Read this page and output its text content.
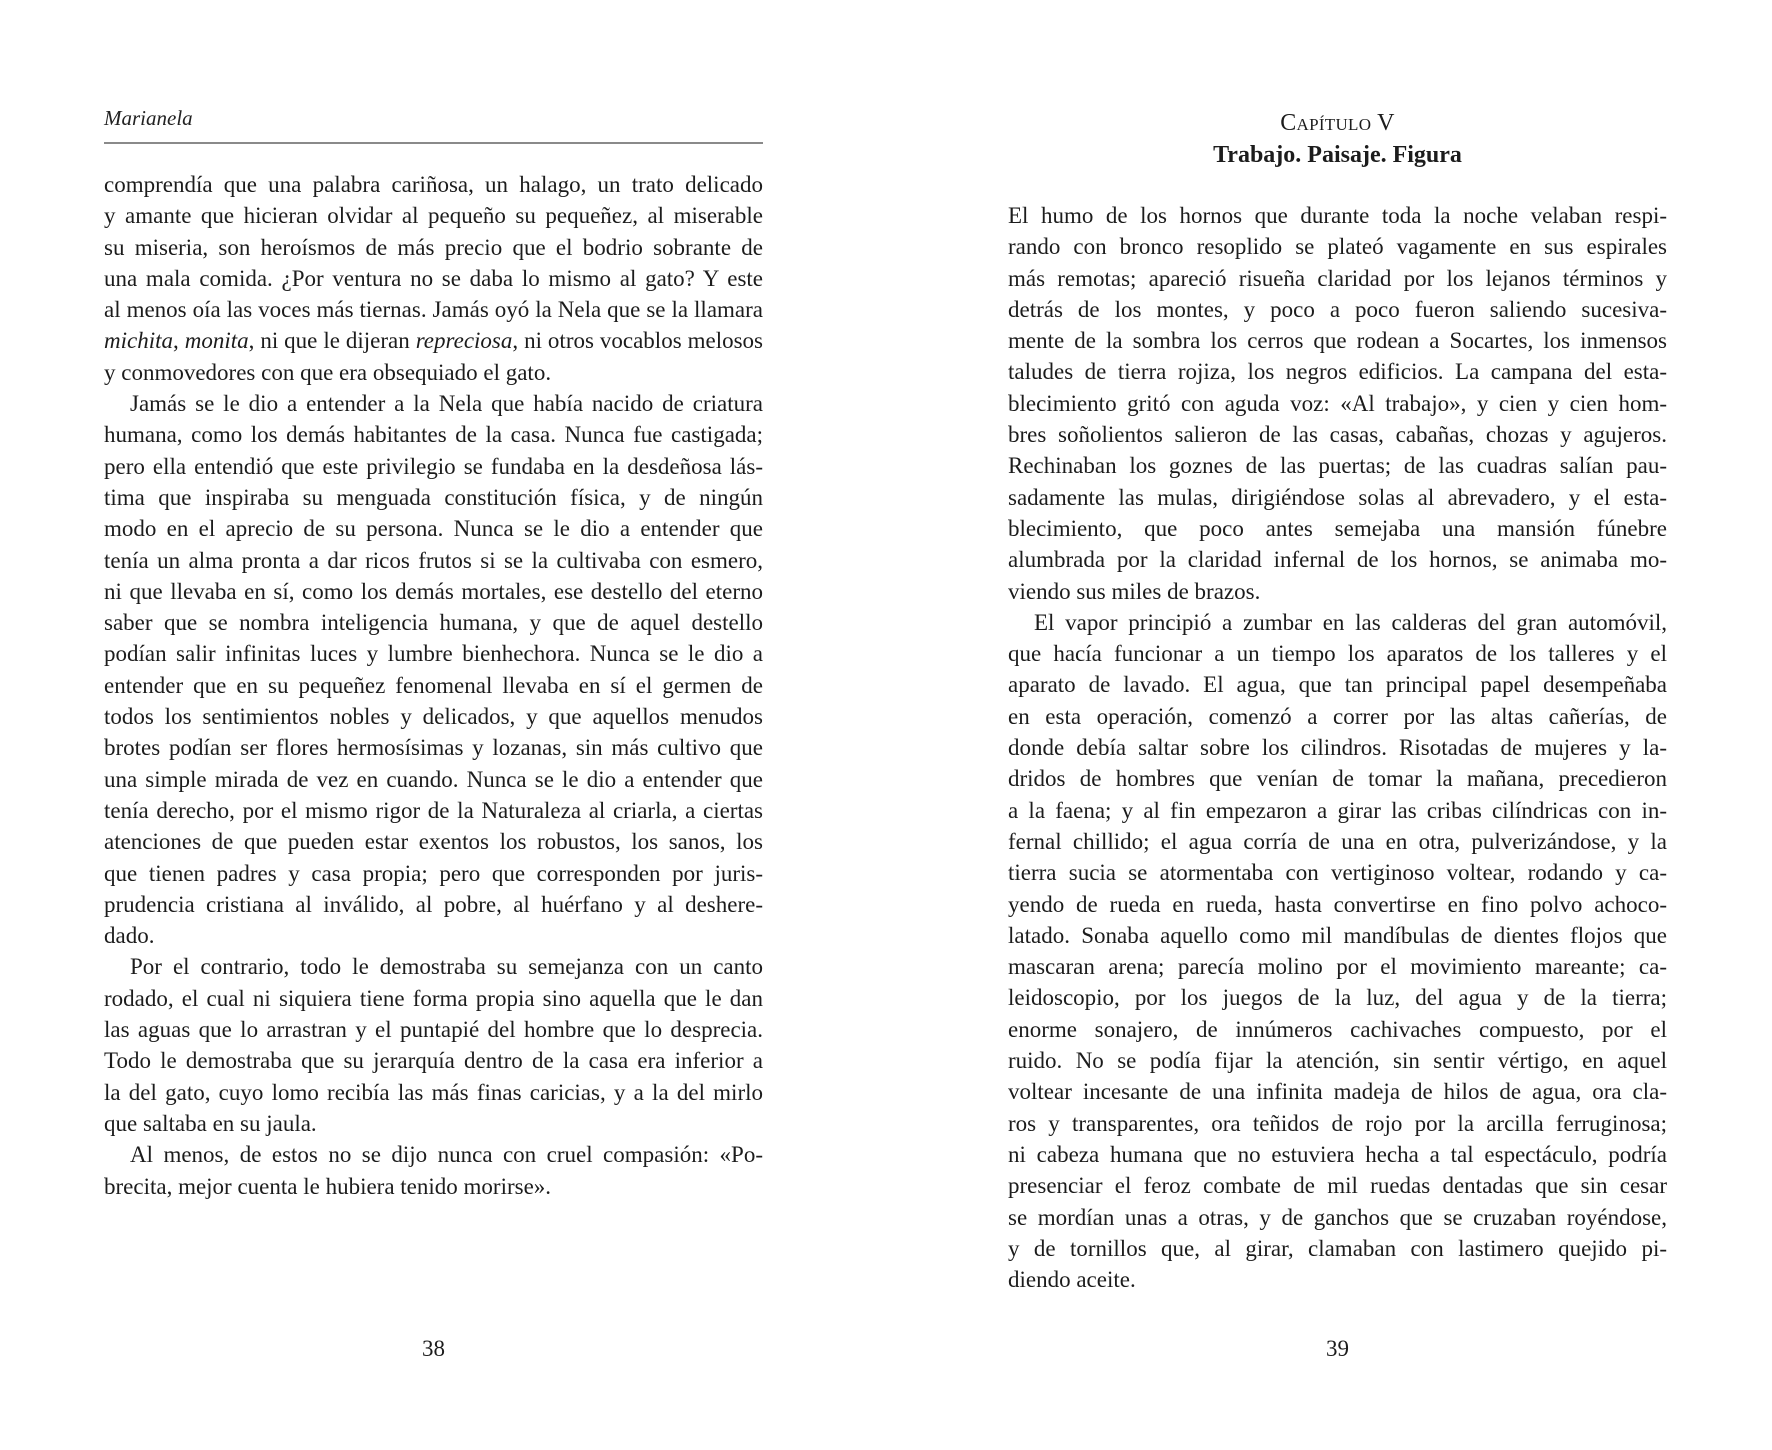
Marianela
comprendía que una palabra cariñosa, un halago, un trato delicado
y amante que hicieran olvidar al pequeño su pequeñez, al miserable
su miseria, son heroísmos de más precio que el bodrio sobrante de
una mala comida. ¿Por ventura no se daba lo mismo al gato? Y este
al menos oía las voces más tiernas. Jamás oyó la Nela que se la llamara
michita, monita, ni que le dijeran repreciosa, ni otros vocablos melosos
y conmovedores con que era obsequiado el gato.
Jamás se le dio a entender a la Nela que había nacido de criatura
humana, como los demás habitantes de la casa. Nunca fue castigada;
pero ella entendió que este privilegio se fundaba en la desdeñosa lás-
tima que inspiraba su menguada constitución física, y de ningún
modo en el aprecio de su persona. Nunca se le dio a entender que
tenía un alma pronta a dar ricos frutos si se la cultivaba con esmero,
ni que llevaba en sí, como los demás mortales, ese destello del eterno
saber que se nombra inteligencia humana, y que de aquel destello
podían salir infinitas luces y lumbre bienhechora. Nunca se le dio a
entender que en su pequeñez fenomenal llevaba en sí el germen de
todos los sentimientos nobles y delicados, y que aquellos menudos
brotes podían ser flores hermosísimas y lozanas, sin más cultivo que
una simple mirada de vez en cuando. Nunca se le dio a entender que
tenía derecho, por el mismo rigor de la Naturaleza al criarla, a ciertas
atenciones de que pueden estar exentos los robustos, los sanos, los
que tienen padres y casa propia; pero que corresponden por juris-
prudencia cristiana al inválido, al pobre, al huérfano y al deshere-
dado.
Por el contrario, todo le demostraba su semejanza con un canto
rodado, el cual ni siquiera tiene forma propia sino aquella que le dan
las aguas que lo arrastran y el puntapié del hombre que lo desprecia.
Todo le demostraba que su jerarquía dentro de la casa era inferior a
la del gato, cuyo lomo recibía las más finas caricias, y a la del mirlo
que saltaba en su jaula.
Al menos, de estos no se dijo nunca con cruel compasión: «Po-
brecita, mejor cuenta le hubiera tenido morirse».
38
Capítulo V
Trabajo. Paisaje. Figura
El humo de los hornos que durante toda la noche velaban respi-
rando con bronco resoplido se plateó vagamente en sus espirales
más remotas; apareció risueña claridad por los lejanos términos y
detrás de los montes, y poco a poco fueron saliendo sucesiva-
mente de la sombra los cerros que rodean a Socartes, los inmensos
taludes de tierra rojiza, los negros edificios. La campana del esta-
blecimiento gritó con aguda voz: «Al trabajo», y cien y cien hom-
bres soñolientos salieron de las casas, cabañas, chozas y agujeros.
Rechinaban los goznes de las puertas; de las cuadras salían pau-
sadamente las mulas, dirigiéndose solas al abrevadero, y el esta-
blecimiento, que poco antes semejaba una mansión fúnebre
alumbrada por la claridad infernal de los hornos, se animaba mo-
viendo sus miles de brazos.
El vapor principió a zumbar en las calderas del gran automóvil,
que hacía funcionar a un tiempo los aparatos de los talleres y el
aparato de lavado. El agua, que tan principal papel desempeñaba
en esta operación, comenzó a correr por las altas cañerías, de
donde debía saltar sobre los cilindros. Risotadas de mujeres y la-
dridos de hombres que venían de tomar la mañana, precedieron
a la faena; y al fin empezaron a girar las cribas cilíndricas con in-
fernal chillido; el agua corría de una en otra, pulverizándose, y la
tierra sucia se atormentaba con vertiginoso voltear, rodando y ca-
yendo de rueda en rueda, hasta convertirse en fino polvo achoco-
latado. Sonaba aquello como mil mandíbulas de dientes flojos que
mascaran arena; parecía molino por el movimiento mareante; ca-
leidoscopio, por los juegos de la luz, del agua y de la tierra;
enorme sonajero, de innúmeros cachivaches compuesto, por el
ruido. No se podía fijar la atención, sin sentir vértigo, en aquel
voltear incesante de una infinita madeja de hilos de agua, ora cla-
ros y transparentes, ora teñidos de rojo por la arcilla ferruginosa;
ni cabeza humana que no estuviera hecha a tal espectáculo, podría
presenciar el feroz combate de mil ruedas dentadas que sin cesar
se mordían unas a otras, y de ganchos que se cruzaban royéndose,
y de tornillos que, al girar, clamaban con lastimero quejido pi-
diendo aceite.
39
